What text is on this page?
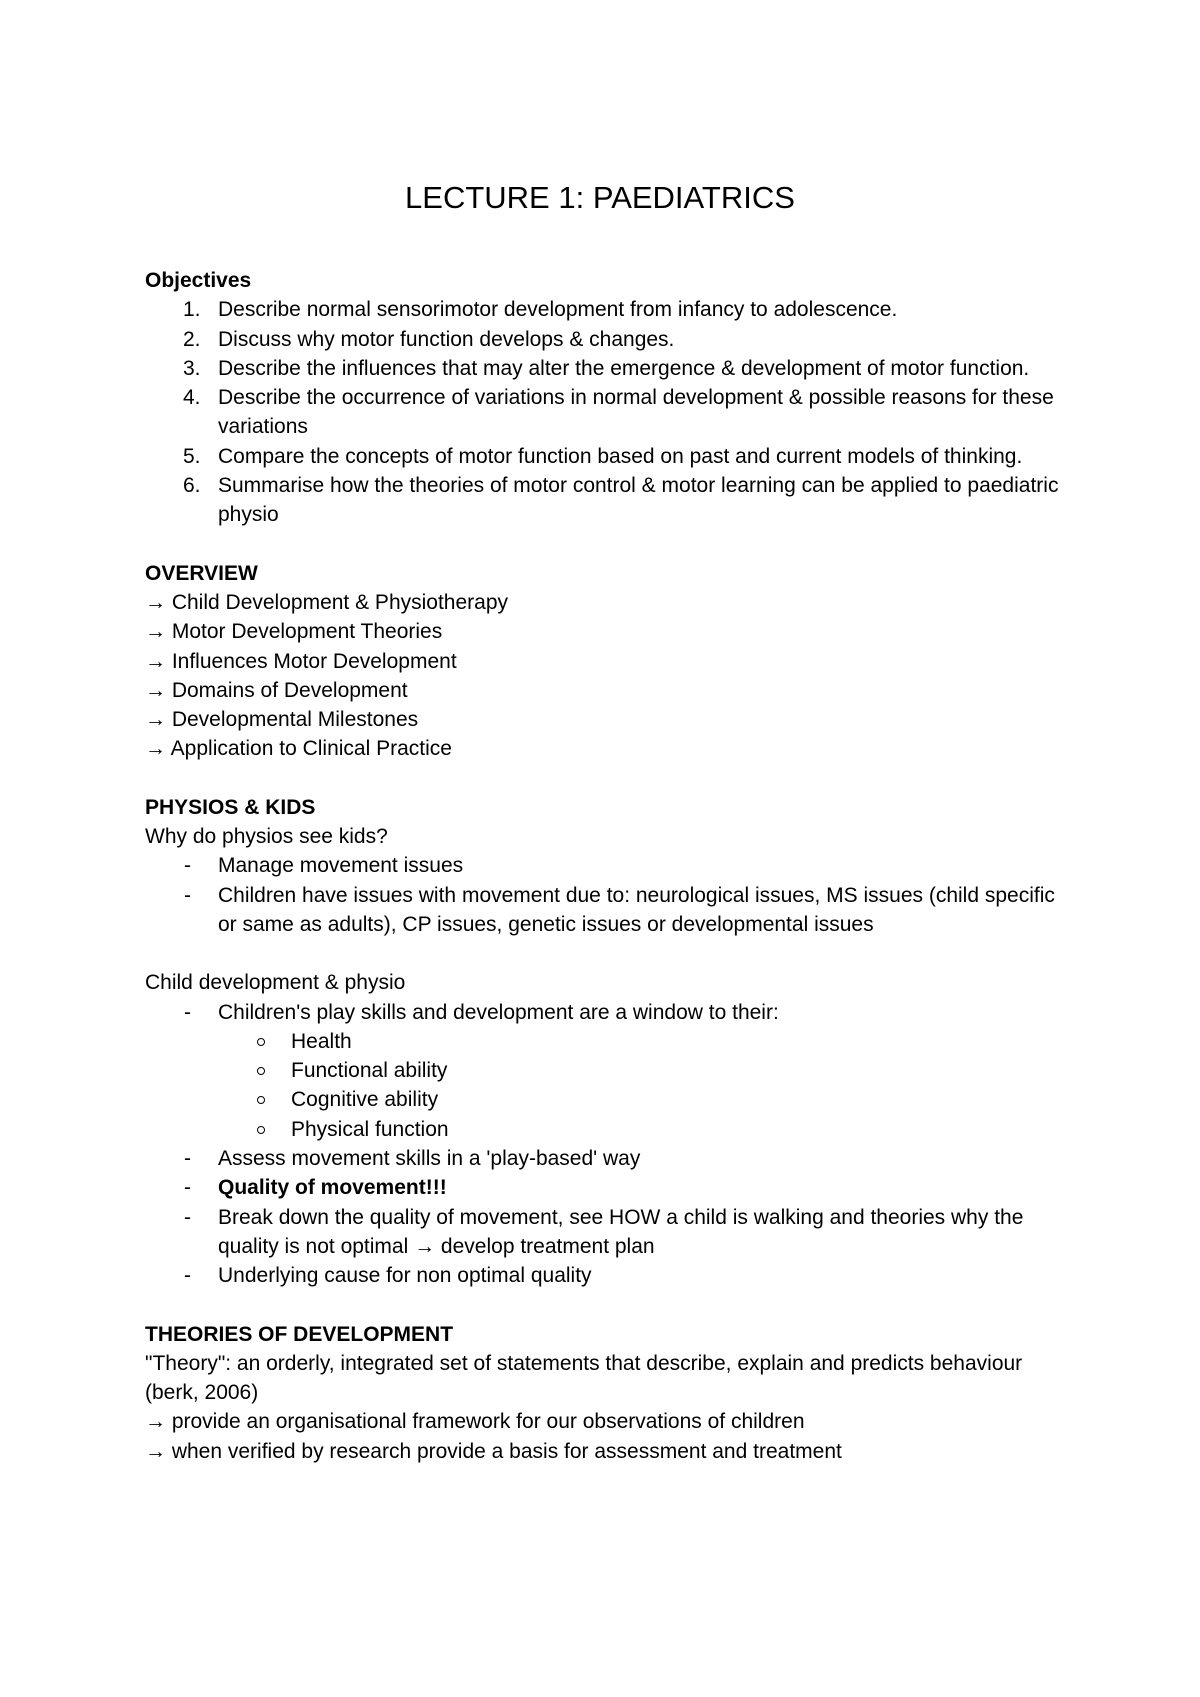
LECTURE 1: PAEDIATRICS
Objectives
1. Describe normal sensorimotor development from infancy to adolescence.
2. Discuss why motor function develops & changes.
3. Describe the influences that may alter the emergence & development of motor function.
4. Describe the occurrence of variations in normal development & possible reasons for these variations
5. Compare the concepts of motor function based on past and current models of thinking.
6. Summarise how the theories of motor control & motor learning can be applied to paediatric physio
OVERVIEW
→ Child Development & Physiotherapy
→ Motor Development Theories
→ Influences Motor Development
→ Domains of Development
→ Developmental Milestones
→ Application to Clinical Practice
PHYSIOS & KIDS
Why do physios see kids?
- Manage movement issues
- Children have issues with movement due to: neurological issues, MS issues (child specific or same as adults), CP issues, genetic issues or developmental issues
Child development & physio
- Children's play skills and development are a window to their:
Health
Functional ability
Cognitive ability
Physical function
- Assess movement skills in a 'play-based' way
- Quality of movement!!!
- Break down the quality of movement, see HOW a child is walking and theories why the quality is not optimal → develop treatment plan
- Underlying cause for non optimal quality
THEORIES OF DEVELOPMENT
"Theory": an orderly, integrated set of statements that describe, explain and predicts behaviour (berk, 2006)
→ provide an organisational framework for our observations of children
→ when verified by research provide a basis for assessment and treatment
